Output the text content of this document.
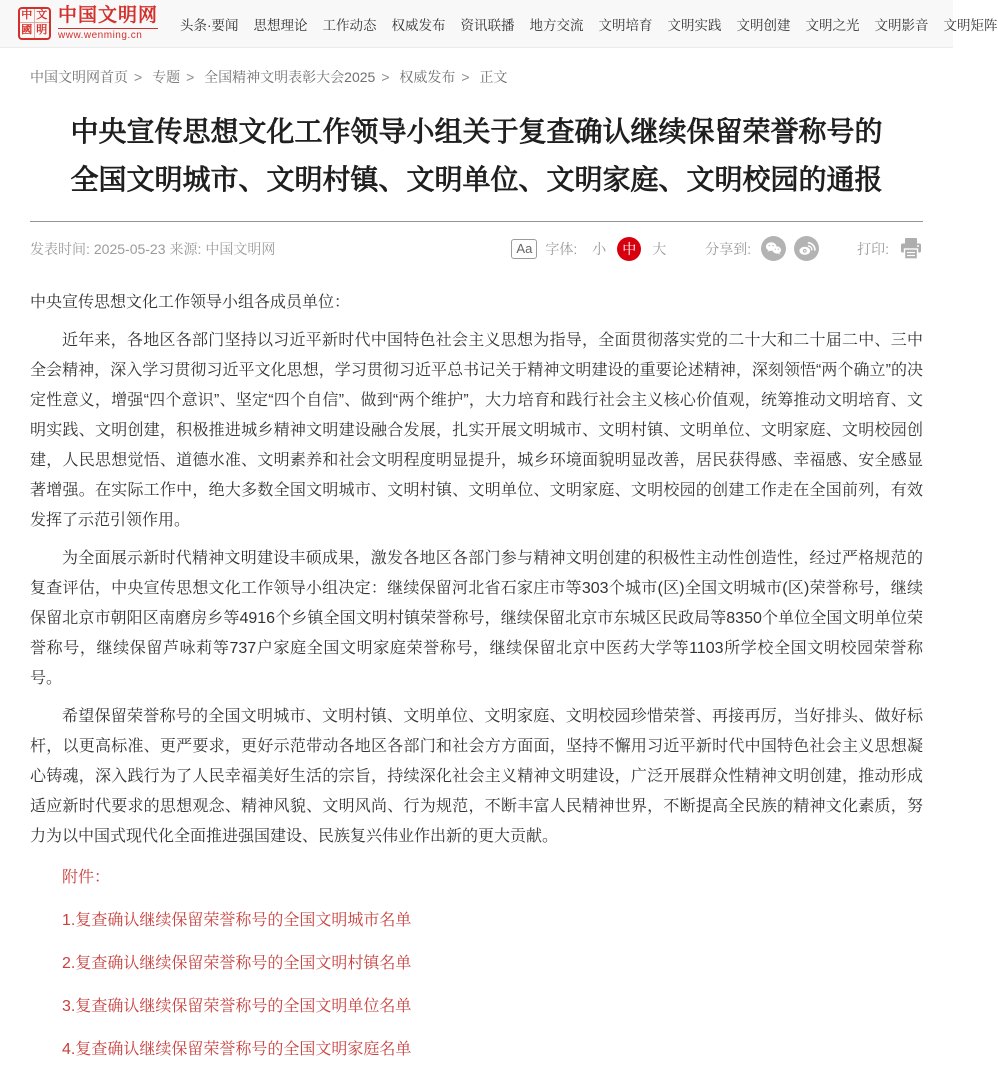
中 文
國 明
中国文明网
www.wenming.cn
头条·要闻 思想理论 工作动态 权威发布 资讯联播 地方交流 文明培育 文明实践 文明创建 文明之光 文明影音 文明矩阵
中国文明网首页 > 专题 > 全国精神文明表彰大会2025 > 权威发布 > 正文
中央宣传思想文化工作领导小组关于复查确认继续保留荣誉称号的
全国文明城市、文明村镇、文明单位、文明家庭、文明校园的通报
发表时间: 2025-05-23 来源: 中国文明网	Aa 字体:	小	中	大	分享到:	打印:

中央宣传思想文化工作领导小组各成员单位：

近年来，各地区各部门坚持以习近平新时代中国特色社会主义思想为指导，全面贯彻落实党的二十大和二十届二中、三中全会精神，深入学习贯彻习近平文化思想，学习贯彻习近平总书记关于精神文明建设的重要论述精神，深刻领悟“两个确立”的决定性意义，增强“四个意识”、坚定“四个自信”、做到“两个维护”，大力培育和践行社会主义核心价值观，统筹推动文明培育、文明实践、文明创建，积极推进城乡精神文明建设融合发展，扎实开展文明城市、文明村镇、文明单位、文明家庭、文明校园创建，人民思想觉悟、道德水准、文明素养和社会文明程度明显提升，城乡环境面貌明显改善，居民获得感、幸福感、安全感显著增强。在实际工作中，绝大多数全国文明城市、文明村镇、文明单位、文明家庭、文明校园的创建工作走在全国前列，有效发挥了示范引领作用。

为全面展示新时代精神文明建设丰硕成果，激发各地区各部门参与精神文明创建的积极性主动性创造性，经过严格规范的复查评估，中央宣传思想文化工作领导小组决定：继续保留河北省石家庄市等303个城市(区)全国文明城市(区)荣誉称号，继续保留北京市朝阳区南磨房乡等4916个乡镇全国文明村镇荣誉称号，继续保留北京市东城区民政局等8350个单位全国文明单位荣誉称号，继续保留芦咏莉等737户家庭全国文明家庭荣誉称号，继续保留北京中医药大学等1103所学校全国文明校园荣誉称号。

希望保留荣誉称号的全国文明城市、文明村镇、文明单位、文明家庭、文明校园珍惜荣誉、再接再厉，当好排头、做好标杆，以更高标准、更严要求，更好示范带动各地区各部门和社会方方面面，坚持不懈用习近平新时代中国特色社会主义思想凝心铸魂，深入践行为了人民幸福美好生活的宗旨，持续深化社会主义精神文明建设，广泛开展群众性精神文明创建，推动形成适应新时代要求的思想观念、精神风貌、文明风尚、行为规范，不断丰富人民精神世界，不断提高全民族的精神文化素质，努力为以中国式现代化全面推进强国建设、民族复兴伟业作出新的更大贡献。

附件：

1.复查确认继续保留荣誉称号的全国文明城市名单

2.复查确认继续保留荣誉称号的全国文明村镇名单

3.复查确认继续保留荣誉称号的全国文明单位名单

4.复查确认继续保留荣誉称号的全国文明家庭名单
